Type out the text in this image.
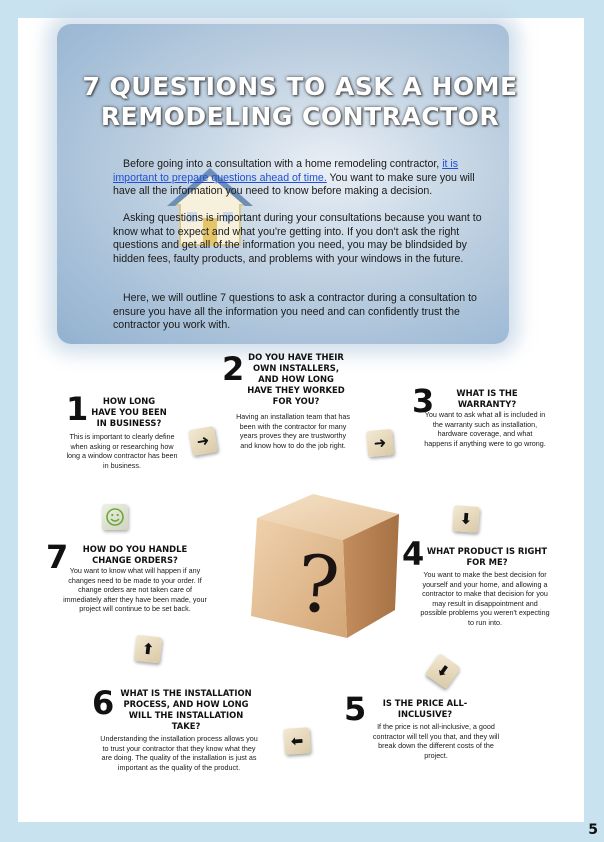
7 QUESTIONS TO ASK A HOME REMODELING CONTRACTOR
Before going into a consultation with a home remodeling contractor, it is important to prepare questions ahead of time. You want to make sure you will have all the information you need to know before making a decision.
Asking questions is important during your consultations because you want to know what to expect and what you're getting into. If you don't ask the right questions and get all of the information you need, you may be blindsided by hidden fees, faulty products, and problems with your windows in the future.
Here, we will outline 7 questions to ask a contractor during a consultation to ensure you have all the information you need and can confidently trust the contractor you work with.
1	HOW LONG HAVE YOU BEEN IN BUSINESS?
This is important to clearly define when asking or researching how long a window contractor has been in business.
2 DO YOU HAVE THEIR OWN INSTALLERS, AND HOW LONG HAVE THEY WORKED FOR YOU?
Having an installation team that has been with the contractor for many years proves they are trustworthy and know how to do the job right.
3	WHAT IS THE WARRANTY?
You want to ask what all is included in the warranty such as installation, hardware coverage, and what happens if anything were to go wrong.
4 WHAT PRODUCT IS RIGHT FOR ME?
You want to make the best decision for yourself and your home, and allowing a contractor to make that decision for you may result in disappointment and possible problems you weren't expecting to run into.
5	IS THE PRICE ALL-INCLUSIVE?
If the price is not all-inclusive, a good contractor will tell you that, and they will break down the different costs of the project.
6 WHAT IS THE INSTALLATION PROCESS, AND HOW LONG WILL THE INSTALLATION TAKE?
Understanding the installation process allows you to trust your contractor that they know what they are doing. The quality of the installation is just as important as the quality of the product.
7	HOW DO YOU HANDLE CHANGE ORDERS?
You want to know what will happen if any changes need to be made to your order. If change orders are not taken care of immediately after they have been made, your project will continue to be set back.
➜	➜
⬇
⬇
⬅
⬆
?
5
